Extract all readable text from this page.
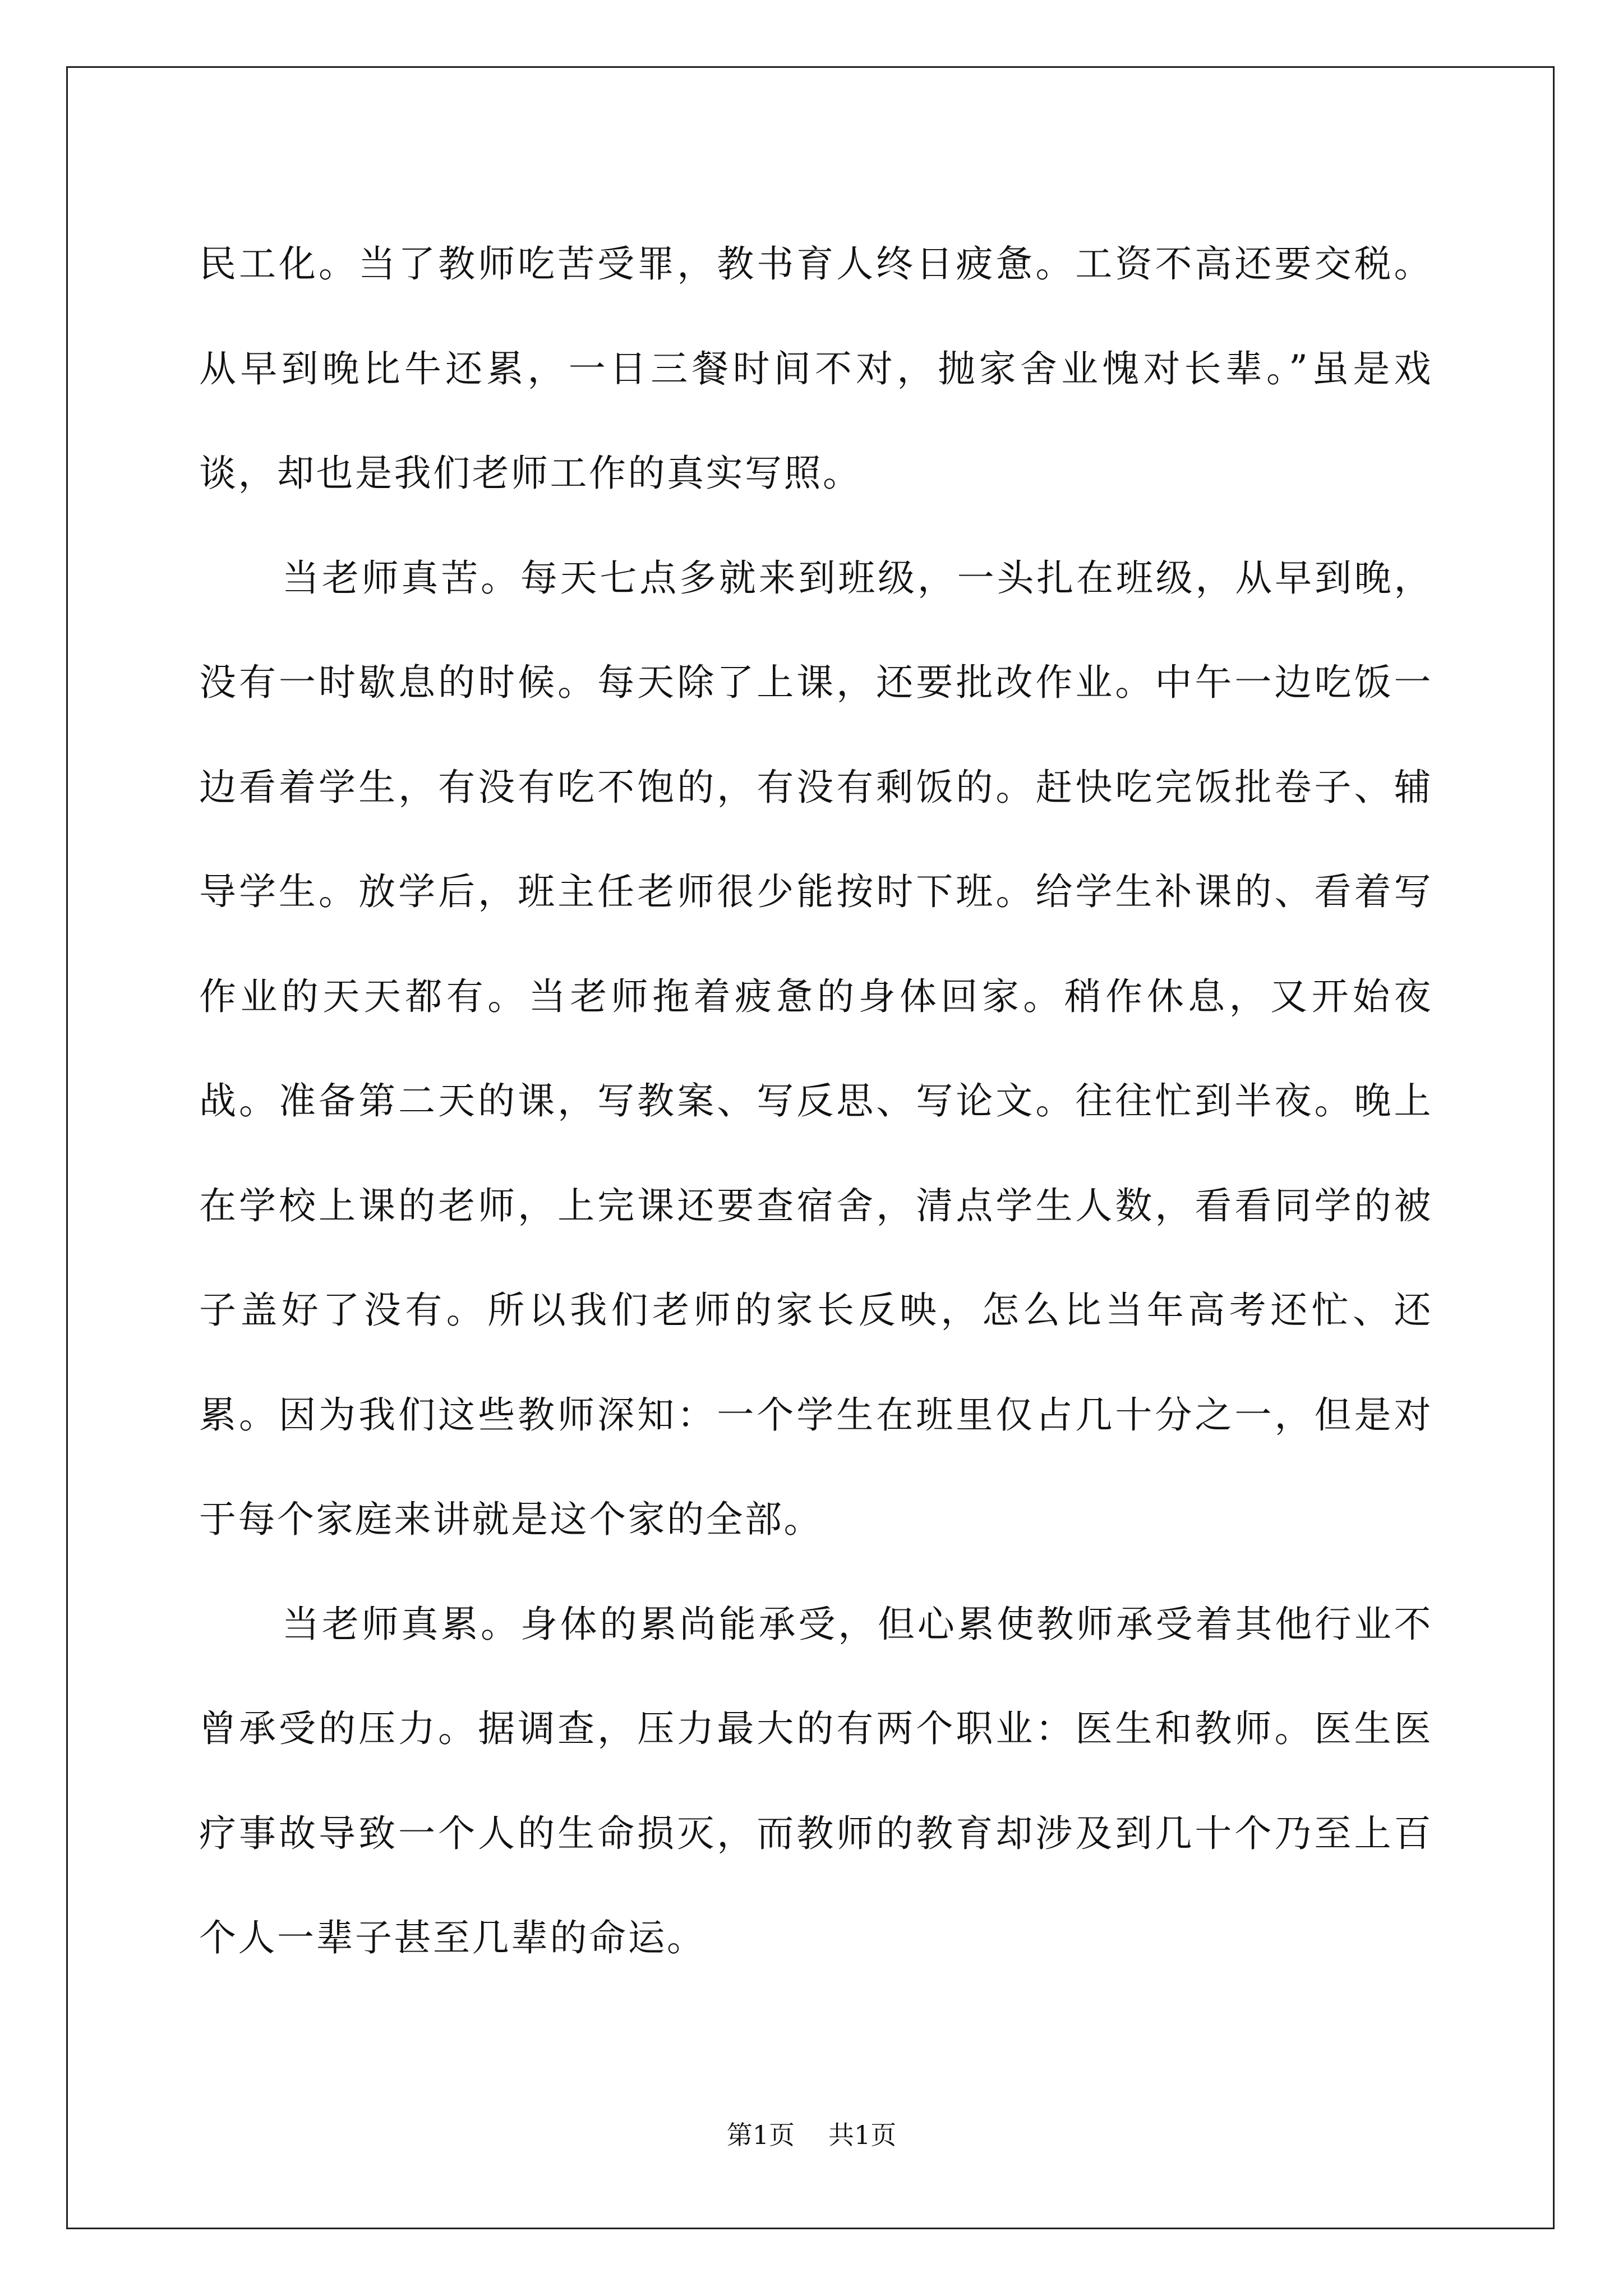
民工化。当了教师吃苦受罪，教书育人终日疲惫。工资不高还要交税。从早到晚比牛还累，一日三餐时间不对，抛家舍业愧对长辈。”虽是戏谈，却也是我们老师工作的真实写照。

当老师真苦。每天七点多就来到班级，一头扎在班级，从早到晚，没有一时歇息的时候。每天除了上课，还要批改作业。中午一边吃饭一边看着学生，有没有吃不饱的，有没有剩饭的。赶快吃完饭批卷子、辅导学生。放学后，班主任老师很少能按时下班。给学生补课的、看着写作业的天天都有。当老师拖着疲惫的身体回家。稍作休息，又开始夜战。准备第二天的课，写教案、写反思、写论文。往往忙到半夜。晚上在学校上课的老师，上完课还要查宿舍，清点学生人数，看看同学的被子盖好了没有。所以我们老师的家长反映，怎么比当年高考还忙、还累。因为我们这些教师深知：一个学生在班里仅占几十分之一，但是对于每个家庭来讲就是这个家的全部。

当老师真累。身体的累尚能承受，但心累使教师承受着其他行业不曾承受的压力。据调查，压力最大的有两个职业：医生和教师。医生医疗事故导致一个人的生命损灭，而教师的教育却涉及到几十个乃至上百个人一辈子甚至几辈的命运。

第1页 共1页
